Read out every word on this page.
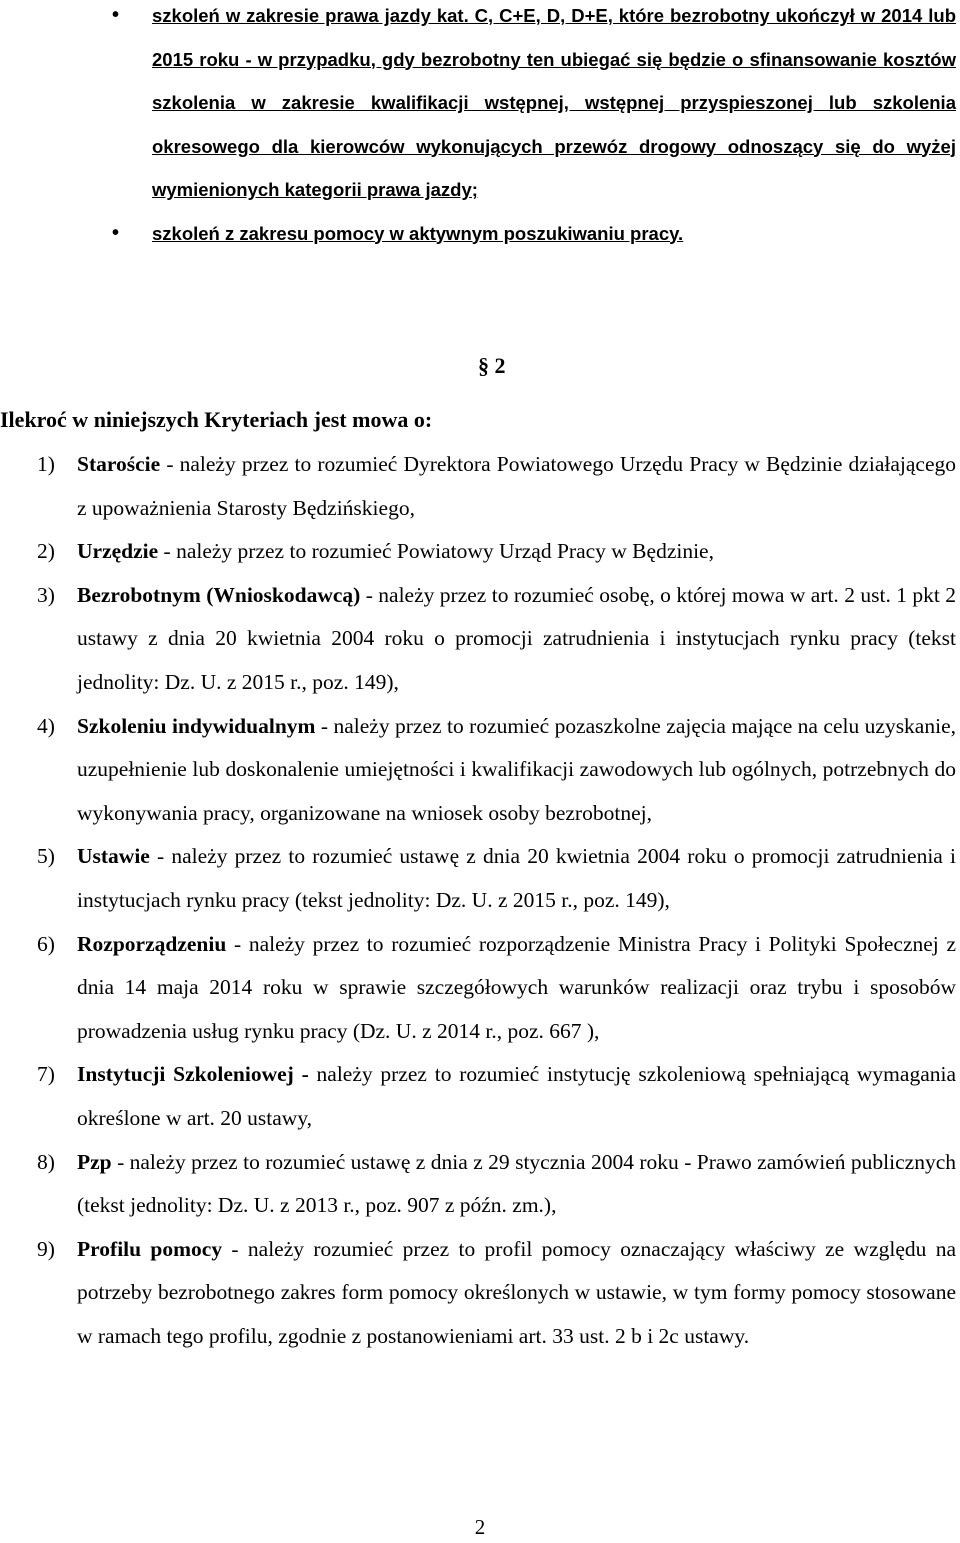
• szkoleń w zakresie prawa jazdy kat. C, C+E, D, D+E, które bezrobotny ukończył w 2014 lub 2015 roku - w przypadku, gdy bezrobotny ten ubiegać się będzie o sfinansowanie kosztów szkolenia w zakresie kwalifikacji wstępnej, wstępnej przyspieszonej lub szkolenia okresowego dla kierowców wykonujących przewóz drogowy odnoszący się do wyżej wymienionych kategorii prawa jazdy;

• szkoleń z zakresu pomocy w aktywnym poszukiwaniu pracy.

§ 2
Ilekroć w niniejszych Kryteriach jest mowa o:
1) Staroście - należy przez to rozumieć Dyrektora Powiatowego Urzędu Pracy w Będzinie działającego z upoważnienia Starosty Będzińskiego,
2) Urzędzie - należy przez to rozumieć Powiatowy Urząd Pracy w Będzinie,
3) Bezrobotnym (Wnioskodawcą) - należy przez to rozumieć osobę, o której mowa w art. 2 ust. 1 pkt 2 ustawy z dnia 20 kwietnia 2004 roku o promocji zatrudnienia i instytucjach rynku pracy (tekst jednolity: Dz. U. z 2015 r., poz. 149),
4) Szkoleniu indywidualnym - należy przez to rozumieć pozaszkolne zajęcia mające na celu uzyskanie, uzupełnienie lub doskonalenie umiejętności i kwalifikacji zawodowych lub ogólnych, potrzebnych do wykonywania pracy, organizowane na wniosek osoby bezrobotnej,
5) Ustawie - należy przez to rozumieć ustawę z dnia 20 kwietnia 2004 roku o promocji zatrudnienia i instytucjach rynku pracy (tekst jednolity: Dz. U. z 2015 r., poz. 149),
6) Rozporządzeniu - należy przez to rozumieć rozporządzenie Ministra Pracy i Polityki Społecznej z dnia 14 maja 2014 roku w sprawie szczegółowych warunków realizacji oraz trybu i sposobów prowadzenia usług rynku pracy (Dz. U. z 2014 r., poz. 667 ),
7) Instytucji Szkoleniowej - należy przez to rozumieć instytucję szkoleniową spełniającą wymagania określone w art. 20 ustawy,
8) Pzp - należy przez to rozumieć ustawę z dnia z 29 stycznia 2004 roku - Prawo zamówień publicznych (tekst jednolity: Dz. U. z 2013 r., poz. 907 z późn. zm.),
9) Profilu pomocy - należy rozumieć przez to profil pomocy oznaczający właściwy ze względu na potrzeby bezrobotnego zakres form pomocy określonych w ustawie, w tym formy pomocy stosowane w ramach tego profilu, zgodnie z postanowieniami art. 33 ust. 2 b i 2c ustawy.
2
